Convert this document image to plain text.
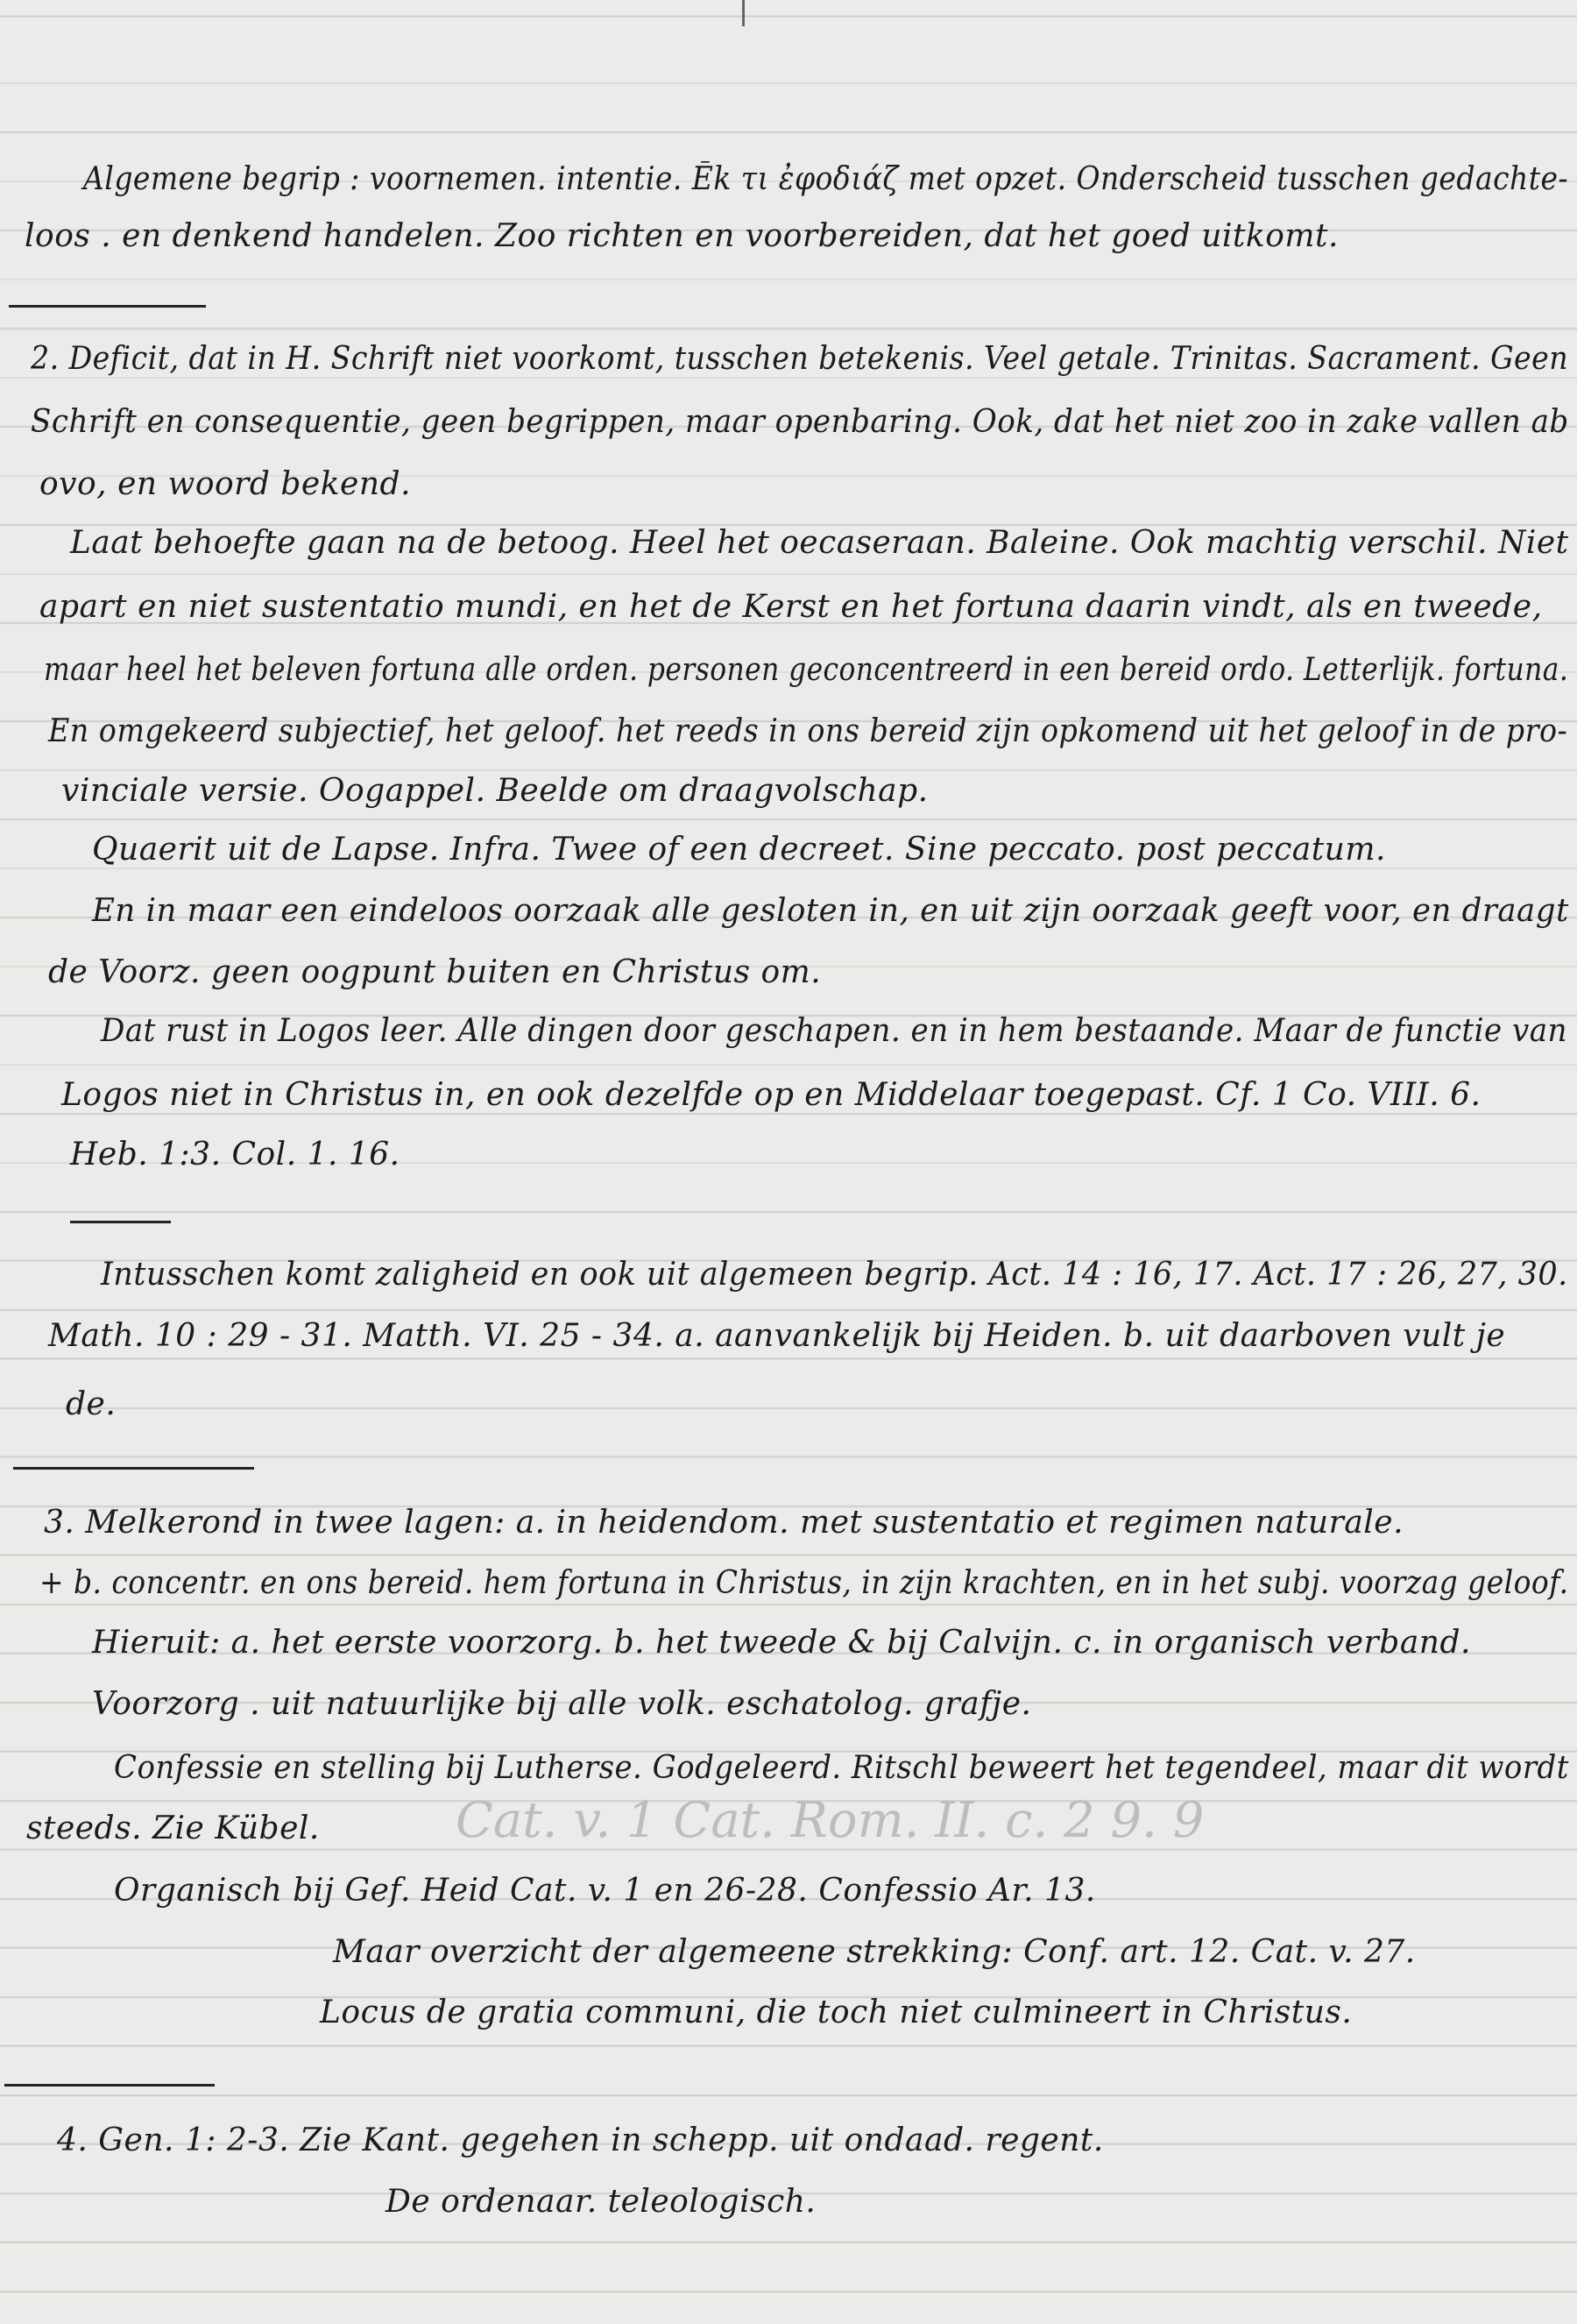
Algemene begrip : voornemen. intentie. Ēk τι ἐφοδιάζ met opzet. Onderscheid tusschen gedachte-
loos . en denkend handelen. Zoo richten en voorbereiden, dat het goed uitkomt.
2. Deficit, dat in H. Schrift niet voorkomt, tusschen betekenis. Veel getale. Trinitas. Sacrament. Geen
Schrift en consequentie, geen begrippen, maar openbaring. Ook, dat het niet zoo in zake vallen ab
ovo, en woord bekend.
Laat behoefte gaan na de betoog. Heel het oecaseraan. Baleine. Ook machtig verschil. Niet
apart en niet sustentatio mundi, en het de Kerst en het fortuna daarin vindt, als en tweede,
maar heel het beleven fortuna alle orden. personen geconcentreerd in een bereid ordo. Letterlijk. fortuna.
En omgekeerd subjectief, het geloof. het reeds in ons bereid zijn opkomend uit het geloof in de pro-
vinciale versie. Oogappel. Beelde om draagvolschap.
Quaerit uit de Lapse. Infra. Twee of een decreet. Sine peccato. post peccatum.
En in maar een eindeloos oorzaak alle gesloten in, en uit zijn oorzaak geeft voor, en draagt
de Voorz. geen oogpunt buiten en Christus om.
Dat rust in Logos leer. Alle dingen door geschapen. en in hem bestaande. Maar de functie van
Logos niet in Christus in, en ook dezelfde op en Middelaar toegepast. Cf. 1 Co. VIII. 6.
Heb. 1:3. Col. 1. 16.
Intusschen komt zaligheid en ook uit algemeen begrip. Act. 14 : 16, 17. Act. 17 : 26, 27, 30.
Math. 10 : 29 - 31. Matth. VI. 25 - 34. a. aanvankelijk bij Heiden. b. uit daarboven vult je
de.
3. Melkerond in twee lagen: a. in heidendom. met sustentatio et regimen naturale.
+ b. concentr. en ons bereid. hem fortuna in Christus, in zijn krachten, en in het subj. voorzag geloof.
Hieruit: a. het eerste voorzorg. b. het tweede & bij Calvijn. c. in organisch verband.
Voorzorg . uit natuurlijke bij alle volk. eschatolog. grafje.
Confessie en stelling bij Lutherse. Godgeleerd. Ritschl beweert het tegendeel, maar dit wordt
steeds. Zie Kübel.	Cat. v. 1 Cat. Rom. II. c. 2 9. 9
Organisch bij Gef. Heid Cat. v. 1 en 26-28. Confessio Ar. 13.
Maar overzicht der algemeene strekking: Conf. art. 12. Cat. v. 27.
Locus de gratia communi, die toch niet culmineert in Christus.
4. Gen. 1: 2-3. Zie Kant. gegehen in schepp. uit ondaad. regent.
De ordenaar. teleologisch.
